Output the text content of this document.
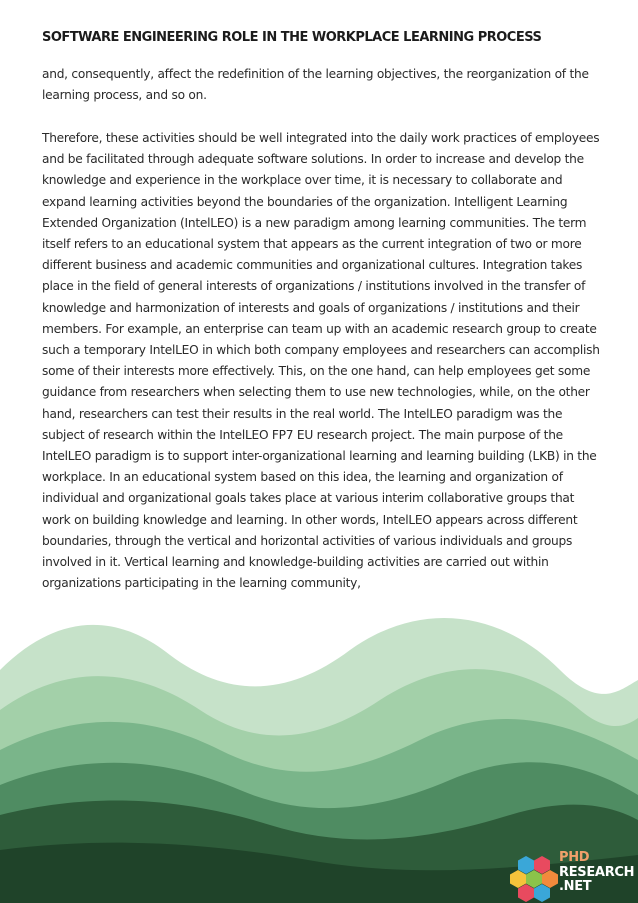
SOFTWARE ENGINEERING ROLE IN THE WORKPLACE LEARNING PROCESS

and, consequently, affect the redefinition of the learning objectives, the reorganization of the learning process, and so on.

Therefore, these activities should be well integrated into the daily work practices of employees and be facilitated through adequate software solutions. In order to increase and develop the knowledge and experience in the workplace over time, it is necessary to collaborate and expand learning activities beyond the boundaries of the organization. Intelligent Learning Extended Organization (IntelLEO) is a new paradigm among learning communities. The term itself refers to an educational system that appears as the current integration of two or more different business and academic communities and organizational cultures. Integration takes place in the field of general interests of organizations / institutions involved in the transfer of knowledge and harmonization of interests and goals of organizations / institutions and their members. For example, an enterprise can team up with an academic research group to create such a temporary IntelLEO in which both company employees and researchers can accomplish some of their interests more effectively. This, on the one hand, can help employees get some guidance from researchers when selecting them to use new technologies, while, on the other hand, researchers can test their results in the real world. The IntelLEO paradigm was the subject of research within the IntelLEO FP7 EU research project. The main purpose of the IntelLEO paradigm is to support inter-organizational learning and learning building (LKB) in the workplace. In an educational system based on this idea, the learning and organization of individual and organizational goals takes place at various interim collaborative groups that work on building knowledge and learning. In other words, IntelLEO appears across different boundaries, through the vertical and horizontal activities of various individuals and groups involved in it. Vertical learning and knowledge-building activities are carried out within organizations participating in the learning community,

PHD
RESEARCH
.NET
